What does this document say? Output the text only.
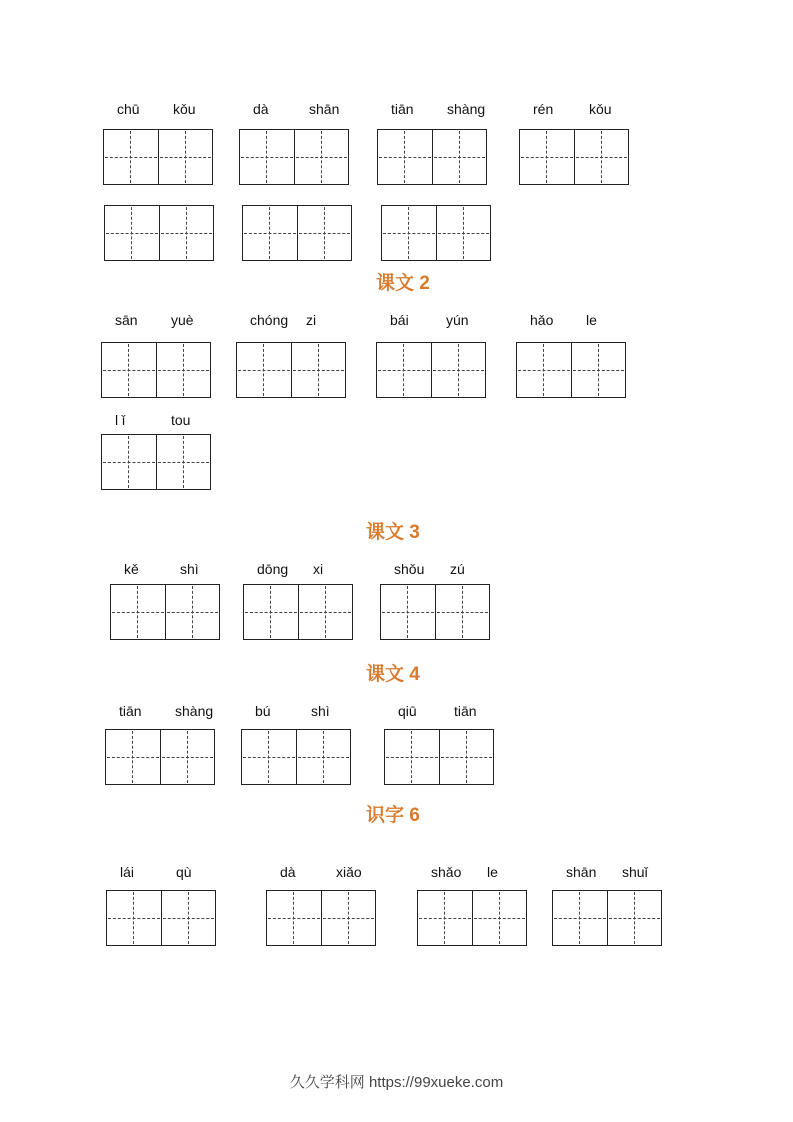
chū kǒu	dà	shān	tiān shàng	rén	kǒu
课文 2
sān yuè	chóng zi	bái	yún	hǎo le
l ǐ	tou
课文 3
kě	shì	dōng xi	shǒu zú
课文 4
tiān shàng	bú	shì	qiū	tiān
识字 6
lái	qù	dà	xiǎo	shǎo le	shān shuǐ
久久学科网 https://99xueke.com
